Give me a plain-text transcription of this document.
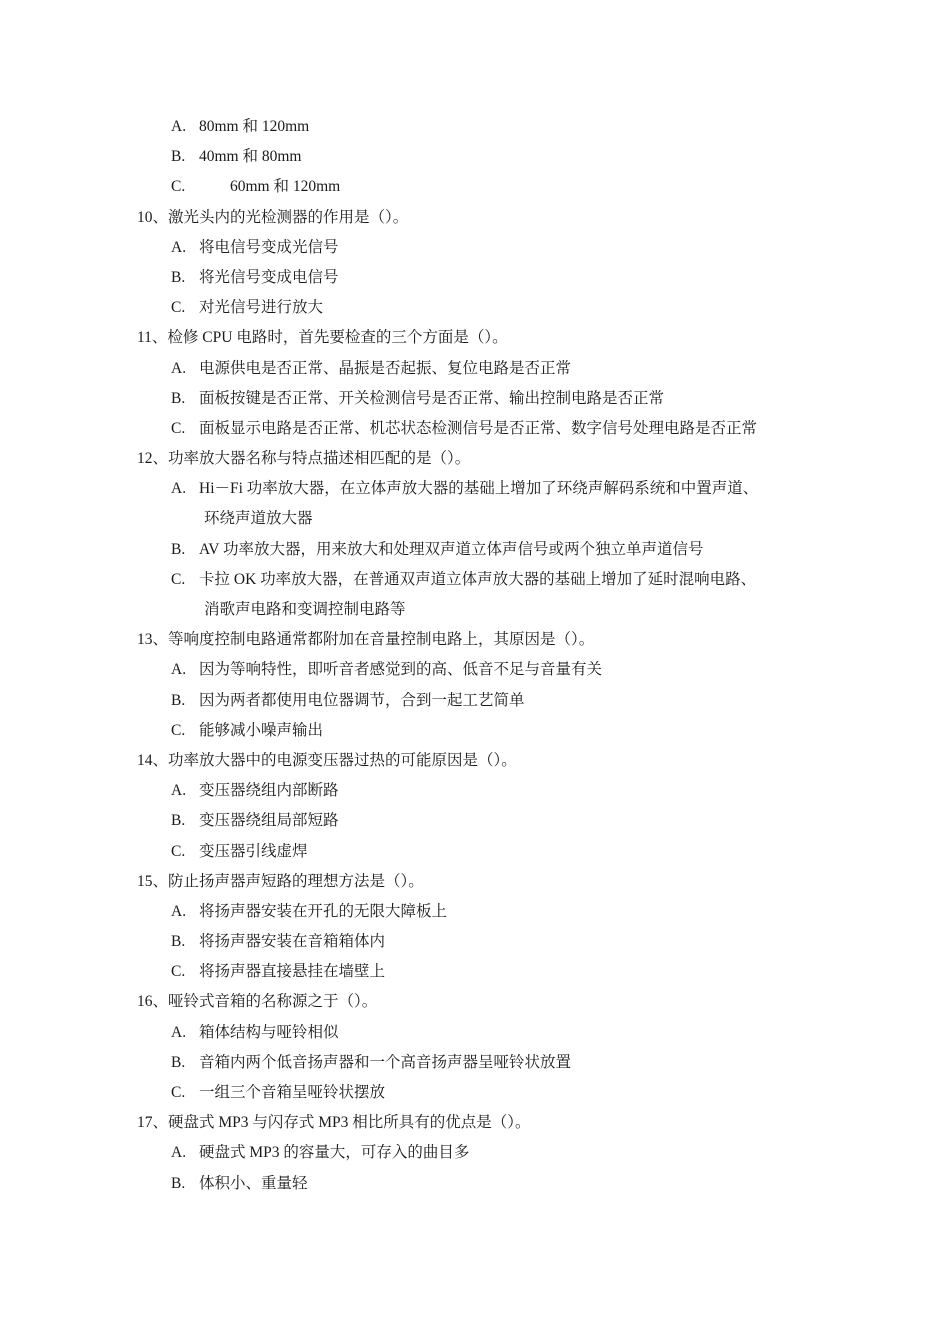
A. 80mm 和 120mm
B. 40mm 和 80mm
C.        60mm 和 120mm
10、激光头内的光检测器的作用是（）。
A. 将电信号变成光信号
B. 将光信号变成电信号
C. 对光信号进行放大
11、检修 CPU 电路时，首先要检查的三个方面是（）。
A. 电源供电是否正常、晶振是否起振、复位电路是否正常
B. 面板按键是否正常、开关检测信号是否正常、输出控制电路是否正常
C. 面板显示电路是否正常、机芯状态检测信号是否正常、数字信号处理电路是否正常
12、功率放大器名称与特点描述相匹配的是（）。
A. Hi－Fi 功率放大器，在立体声放大器的基础上增加了环绕声解码系统和中置声道、
环绕声道放大器
B. AV 功率放大器，用来放大和处理双声道立体声信号或两个独立单声道信号
C. 卡拉 OK 功率放大器，在普通双声道立体声放大器的基础上增加了延时混响电路、
消歌声电路和变调控制电路等
13、等响度控制电路通常都附加在音量控制电路上，其原因是（）。
A. 因为等响特性，即听音者感觉到的高、低音不足与音量有关
B. 因为两者都使用电位器调节，合到一起工艺简单
C. 能够减小噪声输出
14、功率放大器中的电源变压器过热的可能原因是（）。
A. 变压器绕组内部断路
B. 变压器绕组局部短路
C. 变压器引线虚焊
15、防止扬声器声短路的理想方法是（）。
A. 将扬声器安装在开孔的无限大障板上
B. 将扬声器安装在音箱箱体内
C. 将扬声器直接悬挂在墙壁上
16、哑铃式音箱的名称源之于（）。
A. 箱体结构与哑铃相似
B. 音箱内两个低音扬声器和一个高音扬声器呈哑铃状放置
C. 一组三个音箱呈哑铃状摆放
17、硬盘式 MP3 与闪存式 MP3 相比所具有的优点是（）。
A. 硬盘式 MP3 的容量大，可存入的曲目多
B. 体积小、重量轻
